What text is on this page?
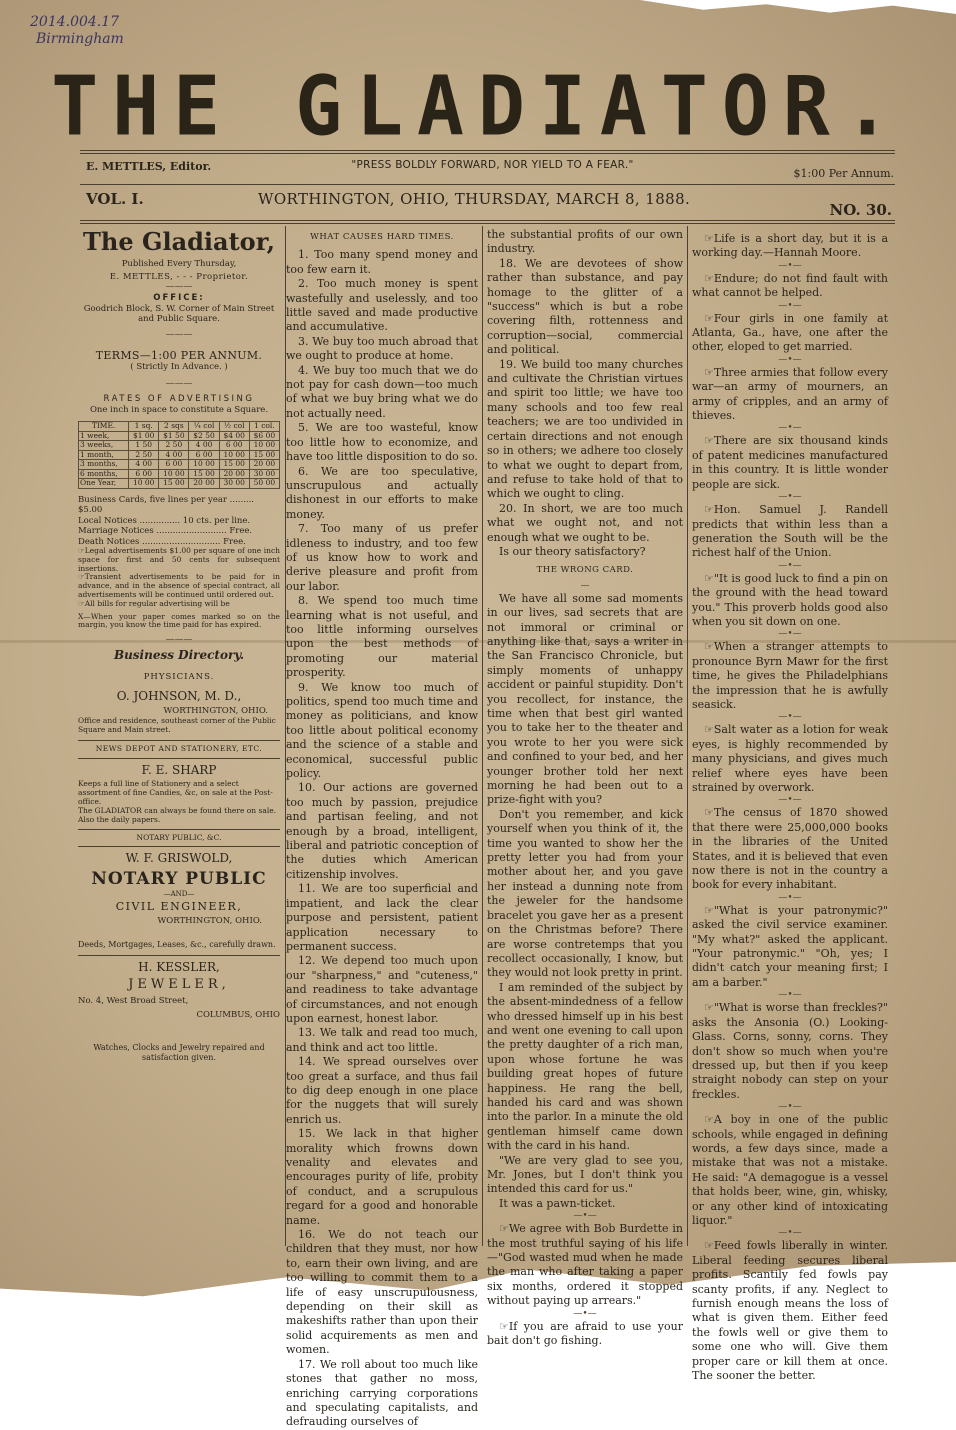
2014.004.17
Birmingham
THE GLADIATOR.
E. METTLES, Editor.	"PRESS BOLDLY FORWARD, NOR YIELD TO A FEAR."
$1:00 Per Annum.
VOL. I.	WORTHINGTON, OHIO, THURSDAY, MARCH 8, 1888.
NO. 30.
The Gladiator,
Published Every Thursday,
E. METTLES, - - - Proprietor.
———
OFFICE:
Goodrich Block, S. W. Corner of Main Street and Public Square.
———
TERMS—1:00 PER ANNUM.
( Strictly In Advance. )
———
RATES OF ADVERTISING
One inch in space to constitute a Square.
TIME.	1 sq.	2 sqs	¼ col	½ col	1 col.
1 week,	$1 00	$1 50	$2 50	$4 00	$6 00
3 weeks,	1 50	2 50	4 00	6 00	10 00
1 month,	2 50	4 00	6 00	10 00	15 00
3 months,	4 00	6 00	10 00	15 00	20 00
6 months,	6 00	10 00	15 00	20 00	30 00
One Year,	10 00	15 00	20 00	30 00	50 00
Business Cards, five lines per year ......... $5.00
Local Notices ............... 10 cts. per line.
Marriage Notices .......................... Free.
Death Notices ............................. Free.
☞Legal advertisements $1.00 per square of one inch space for first and 50 cents for subsequent insertions.
☞Transient advertisements to be paid for in advance, and in the absence of special contract, all advertisements will be continued until ordered out.
☞All bills for regular advertising will be
X—When your paper comes marked so on the margin, you know the time paid for has expired.
———
Business Directory.
PHYSICIANS.
O. JOHNSON, M. D.,
WORTHINGTON, OHIO.
Office and residence, southeast corner of the Public Square and Main street.
NEWS DEPOT AND STATIONERY, ETC.
F. E. SHARP
Keeps a full line of Stationery and a select assortment of fine Candies, &c, on sale at the Post-office.
The GLADIATOR can always be found there on sale. Also the daily papers.
NOTARY PUBLIC, &C.
W. F. GRISWOLD,
NOTARY PUBLIC
—AND—
CIVIL ENGINEER,
WORTHINGTON, OHIO.
Deeds, Mortgages, Leases, &c., carefully drawn.
H. KESSLER,
JEWELER,
No. 4, West Broad Street,
COLUMBUS, OHIO
Watches, Clocks and Jewelry repaired and satisfaction given.
WHAT CAUSES HARD TIMES.

1. Too many spend money and too few earn it.

2. Too much money is spent wastefully and uselessly, and too little saved and made productive and accumulative.

3. We buy too much abroad that we ought to produce at home.

4. We buy too much that we do not pay for cash down—too much of what we buy bring what we do not actually need.

5. We are too wasteful, know too little how to economize, and have too little disposition to do so.

6. We are too speculative, unscrupulous and actually dishonest in our efforts to make money.

7. Too many of us prefer idleness to industry, and too few of us know how to work and derive pleasure and profit from our labor.

8. We spend too much time learning what is not useful, and too little informing ourselves upon the best methods of promoting our material prosperity.

9. We know too much of politics, spend too much time and money as politicians, and know too little about political economy and the science of a stable and economical, successful public policy.

10. Our actions are governed too much by passion, prejudice and partisan feeling, and not enough by a broad, intelligent, liberal and patriotic conception of the duties which American citizenship involves.

11. We are too superficial and impatient, and lack the clear purpose and persistent, patient application necessary to permanent success.

12. We depend too much upon our "sharpness," and "cuteness," and readiness to take advantage of circumstances, and not enough upon earnest, honest labor.

13. We talk and read too much, and think and act too little.

14. We spread ourselves over too great a surface, and thus fail to dig deep enough in one place for the nuggets that will surely enrich us.

15. We lack in that higher morality which frowns down venality and elevates and encourages purity of life, probity of conduct, and a scrupulous regard for a good and honorable name.

16. We do not teach our children that they must, nor how to, earn their own living, and are too willing to commit them to a life of easy unscrupulousness, depending on their skill as makeshifts rather than upon their solid acquirements as men and women.

17. We roll about too much like stones that gather no moss, enriching carrying corporations and speculating capitalists, and defrauding ourselves of

the substantial profits of our own industry.

18. We are devotees of show rather than substance, and pay homage to the glitter of a "success" which is but a robe covering filth, rottenness and corruption—social, commercial and political.

19. We build too many churches and cultivate the Christian virtues and spirit too little; we have too many schools and too few real teachers; we are too undivided in certain directions and not enough so in others; we adhere too closely to what we ought to depart from, and refuse to take hold of that to which we ought to cling.

20. In short, we are too much what we ought not, and not enough what we ought to be.

Is our theory satisfactory?

THE WRONG CARD.
—

We have all some sad moments in our lives, sad secrets that are not immoral or criminal or anything like that, says a writer in the San Francisco Chronicle, but simply moments of unhappy accident or painful stupidity. Don't you recollect, for instance, the time when that best girl wanted you to take her to the theater and you wrote to her you were sick and confined to your bed, and her younger brother told her next morning he had been out to a prize-fight with you?

Don't you remember, and kick yourself when you think of it, the time you wanted to show her the pretty letter you had from your mother about her, and you gave her instead a dunning note from the jeweler for the handsome bracelet you gave her as a present on the Christmas before? There are worse contretemps that you recollect occasionally, I know, but they would not look pretty in print.

I am reminded of the subject by the absent-mindedness of a fellow who dressed himself up in his best and went one evening to call upon the pretty daughter of a rich man, upon whose fortune he was building great hopes of future happiness. He rang the bell, handed his card and was shown into the parlor. In a minute the old gentleman himself came down with the card in his hand.

"We are very glad to see you, Mr. Jones, but I don't think you intended this card for us."

It was a pawn-ticket.

—•—

☞We agree with Bob Burdette in the most truthful saying of his life—"God wasted mud when he made the man who after taking a paper six months, ordered it stopped without paying up arrears."

—•—

☞If you are afraid to use your bait don't go fishing.

☞Life is a short day, but it is a working day.—Hannah Moore.

—•—

☞Endure; do not find fault with what cannot be helped.

—•—

☞Four girls in one family at Atlanta, Ga., have, one after the other, eloped to get married.

—•—

☞Three armies that follow every war—an army of mourners, an army of cripples, and an army of thieves.

—•—

☞There are six thousand kinds of patent medicines manufactured in this country. It is little wonder people are sick.

—•—

☞Hon. Samuel J. Randell predicts that within less than a generation the South will be the richest half of the Union.

—•—

☞"It is good luck to find a pin on the ground with the head toward you." This proverb holds good also when you sit down on one.

—•—

☞When a stranger attempts to pronounce Byrn Mawr for the first time, he gives the Philadelphians the impression that he is awfully seasick.

—•—

☞Salt water as a lotion for weak eyes, is highly recommended by many physicians, and gives much relief where eyes have been strained by overwork.

—•—

☞The census of 1870 showed that there were 25,000,000 books in the libraries of the United States, and it is believed that even now there is not in the country a book for every inhabitant.

—•—

☞"What is your patronymic?" asked the civil service examiner. "My what?" asked the applicant. "Your patronymic." "Oh, yes; I didn't catch your meaning first; I am a barber."

—•—

☞"What is worse than freckles?" asks the Ansonia (O.) Looking-Glass. Corns, sonny, corns. They don't show so much when you're dressed up, but then if you keep straight nobody can step on your freckles.

—•—

☞A boy in one of the public schools, while engaged in defining words, a few days since, made a mistake that was not a mistake. He said: "A demagogue is a vessel that holds beer, wine, gin, whisky, or any other kind of intoxicating liquor."

—•—

☞Feed fowls liberally in winter. Liberal feeding secures liberal profits. Scantily fed fowls pay scanty profits, if any. Neglect to furnish enough means the loss of what is given them. Either feed the fowls well or give them to some one who will. Give them proper care or kill them at once. The sooner the better.
